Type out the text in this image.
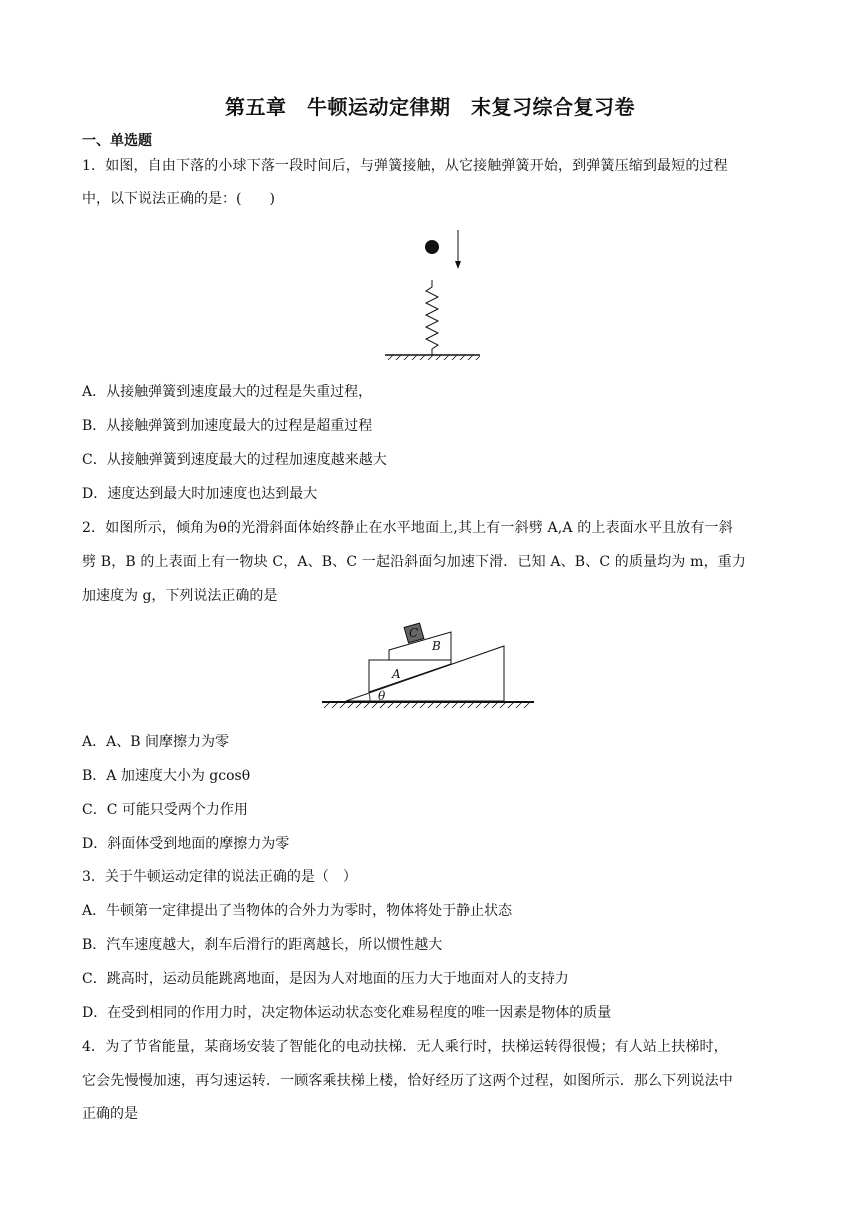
第五章　牛顿运动定律期　末复习综合复习卷
一、单选题
1．如图，自由下落的小球下落一段时间后，与弹簧接触，从它接触弹簧开始，到弹簧压缩到最短的过程
中，以下说法正确的是：(　　)
A．从接触弹簧到速度最大的过程是失重过程，
B．从接触弹簧到加速度最大的过程是超重过程
C．从接触弹簧到速度最大的过程加速度越来越大
D．速度达到最大时加速度也达到最大
2．如图所示，倾角为θ的光滑斜面体始终静止在水平地面上,其上有一斜劈 A,A 的上表面水平且放有一斜
劈 B，B 的上表面上有一物块 C，A、B、C 一起沿斜面匀加速下滑．已知 A、B、C 的质量均为 m，重力
加速度为 g，下列说法正确的是
C
B
A
θ
A．A、B 间摩擦力为零
B．A 加速度大小为 gcosθ
C．C 可能只受两个力作用
D．斜面体受到地面的摩擦力为零
3．关于牛顿运动定律的说法正确的是（　）
A．牛顿第一定律提出了当物体的合外力为零时，物体将处于静止状态
B．汽车速度越大，刹车后滑行的距离越长，所以惯性越大
C．跳高时，运动员能跳离地面，是因为人对地面的压力大于地面对人的支持力
D．在受到相同的作用力时，决定物体运动状态变化难易程度的唯一因素是物体的质量
4．为了节省能量，某商场安装了智能化的电动扶梯．无人乘行时，扶梯运转得很慢；有人站上扶梯时，
它会先慢慢加速，再匀速运转．一顾客乘扶梯上楼，恰好经历了这两个过程，如图所示．那么下列说法中
正确的是
